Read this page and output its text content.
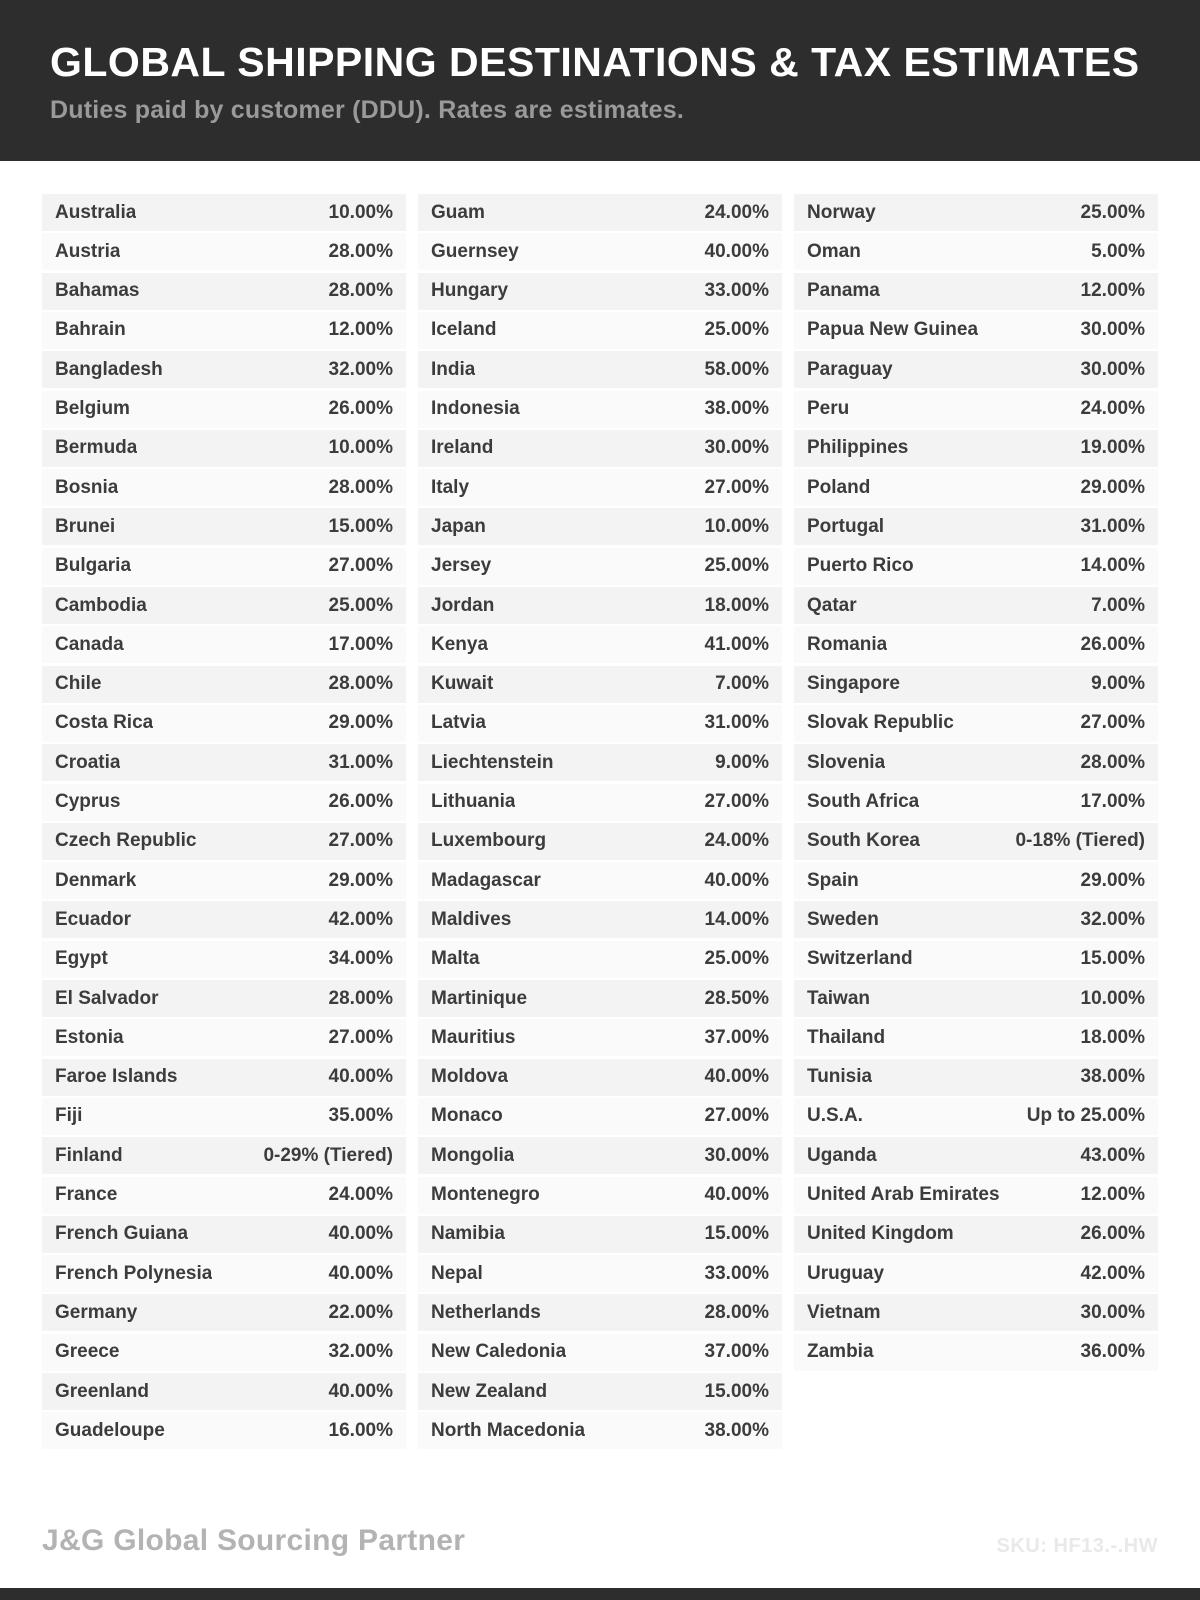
GLOBAL SHIPPING DESTINATIONS & TAX ESTIMATES

Duties paid by customer (DDU). Rates are estimates.

Australia	10.00%
Austria	28.00%
Bahamas	28.00%
Bahrain	12.00%
Bangladesh	32.00%
Belgium	26.00%
Bermuda	10.00%
Bosnia	28.00%
Brunei	15.00%
Bulgaria	27.00%
Cambodia	25.00%
Canada	17.00%
Chile	28.00%
Costa Rica	29.00%
Croatia	31.00%
Cyprus	26.00%
Czech Republic	27.00%
Denmark	29.00%
Ecuador	42.00%
Egypt	34.00%
El Salvador	28.00%
Estonia	27.00%
Faroe Islands	40.00%
Fiji	35.00%
Finland	0-29% (Tiered)
France	24.00%
French Guiana	40.00%
French Polynesia	40.00%
Germany	22.00%
Greece	32.00%
Greenland	40.00%
Guadeloupe	16.00%
Guam	24.00%
Guernsey	40.00%
Hungary	33.00%
Iceland	25.00%
India	58.00%
Indonesia	38.00%
Ireland	30.00%
Italy	27.00%
Japan	10.00%
Jersey	25.00%
Jordan	18.00%
Kenya	41.00%
Kuwait	7.00%
Latvia	31.00%
Liechtenstein	9.00%
Lithuania	27.00%
Luxembourg	24.00%
Madagascar	40.00%
Maldives	14.00%
Malta	25.00%
Martinique	28.50%
Mauritius	37.00%
Moldova	40.00%
Monaco	27.00%
Mongolia	30.00%
Montenegro	40.00%
Namibia	15.00%
Nepal	33.00%
Netherlands	28.00%
New Caledonia	37.00%
New Zealand	15.00%
North Macedonia	38.00%
Norway	25.00%
Oman	5.00%
Panama	12.00%
Papua New Guinea	30.00%
Paraguay	30.00%
Peru	24.00%
Philippines	19.00%
Poland	29.00%
Portugal	31.00%
Puerto Rico	14.00%
Qatar	7.00%
Romania	26.00%
Singapore	9.00%
Slovak Republic	27.00%
Slovenia	28.00%
South Africa	17.00%
South Korea	0-18% (Tiered)
Spain	29.00%
Sweden	32.00%
Switzerland	15.00%
Taiwan	10.00%
Thailand	18.00%
Tunisia	38.00%
U.S.A.	Up to 25.00%
Uganda	43.00%
United Arab Emirates	12.00%
United Kingdom	26.00%
Uruguay	42.00%
Vietnam	30.00%
Zambia	36.00%
J&G Global Sourcing Partner	SKU: HF13.-.HW
